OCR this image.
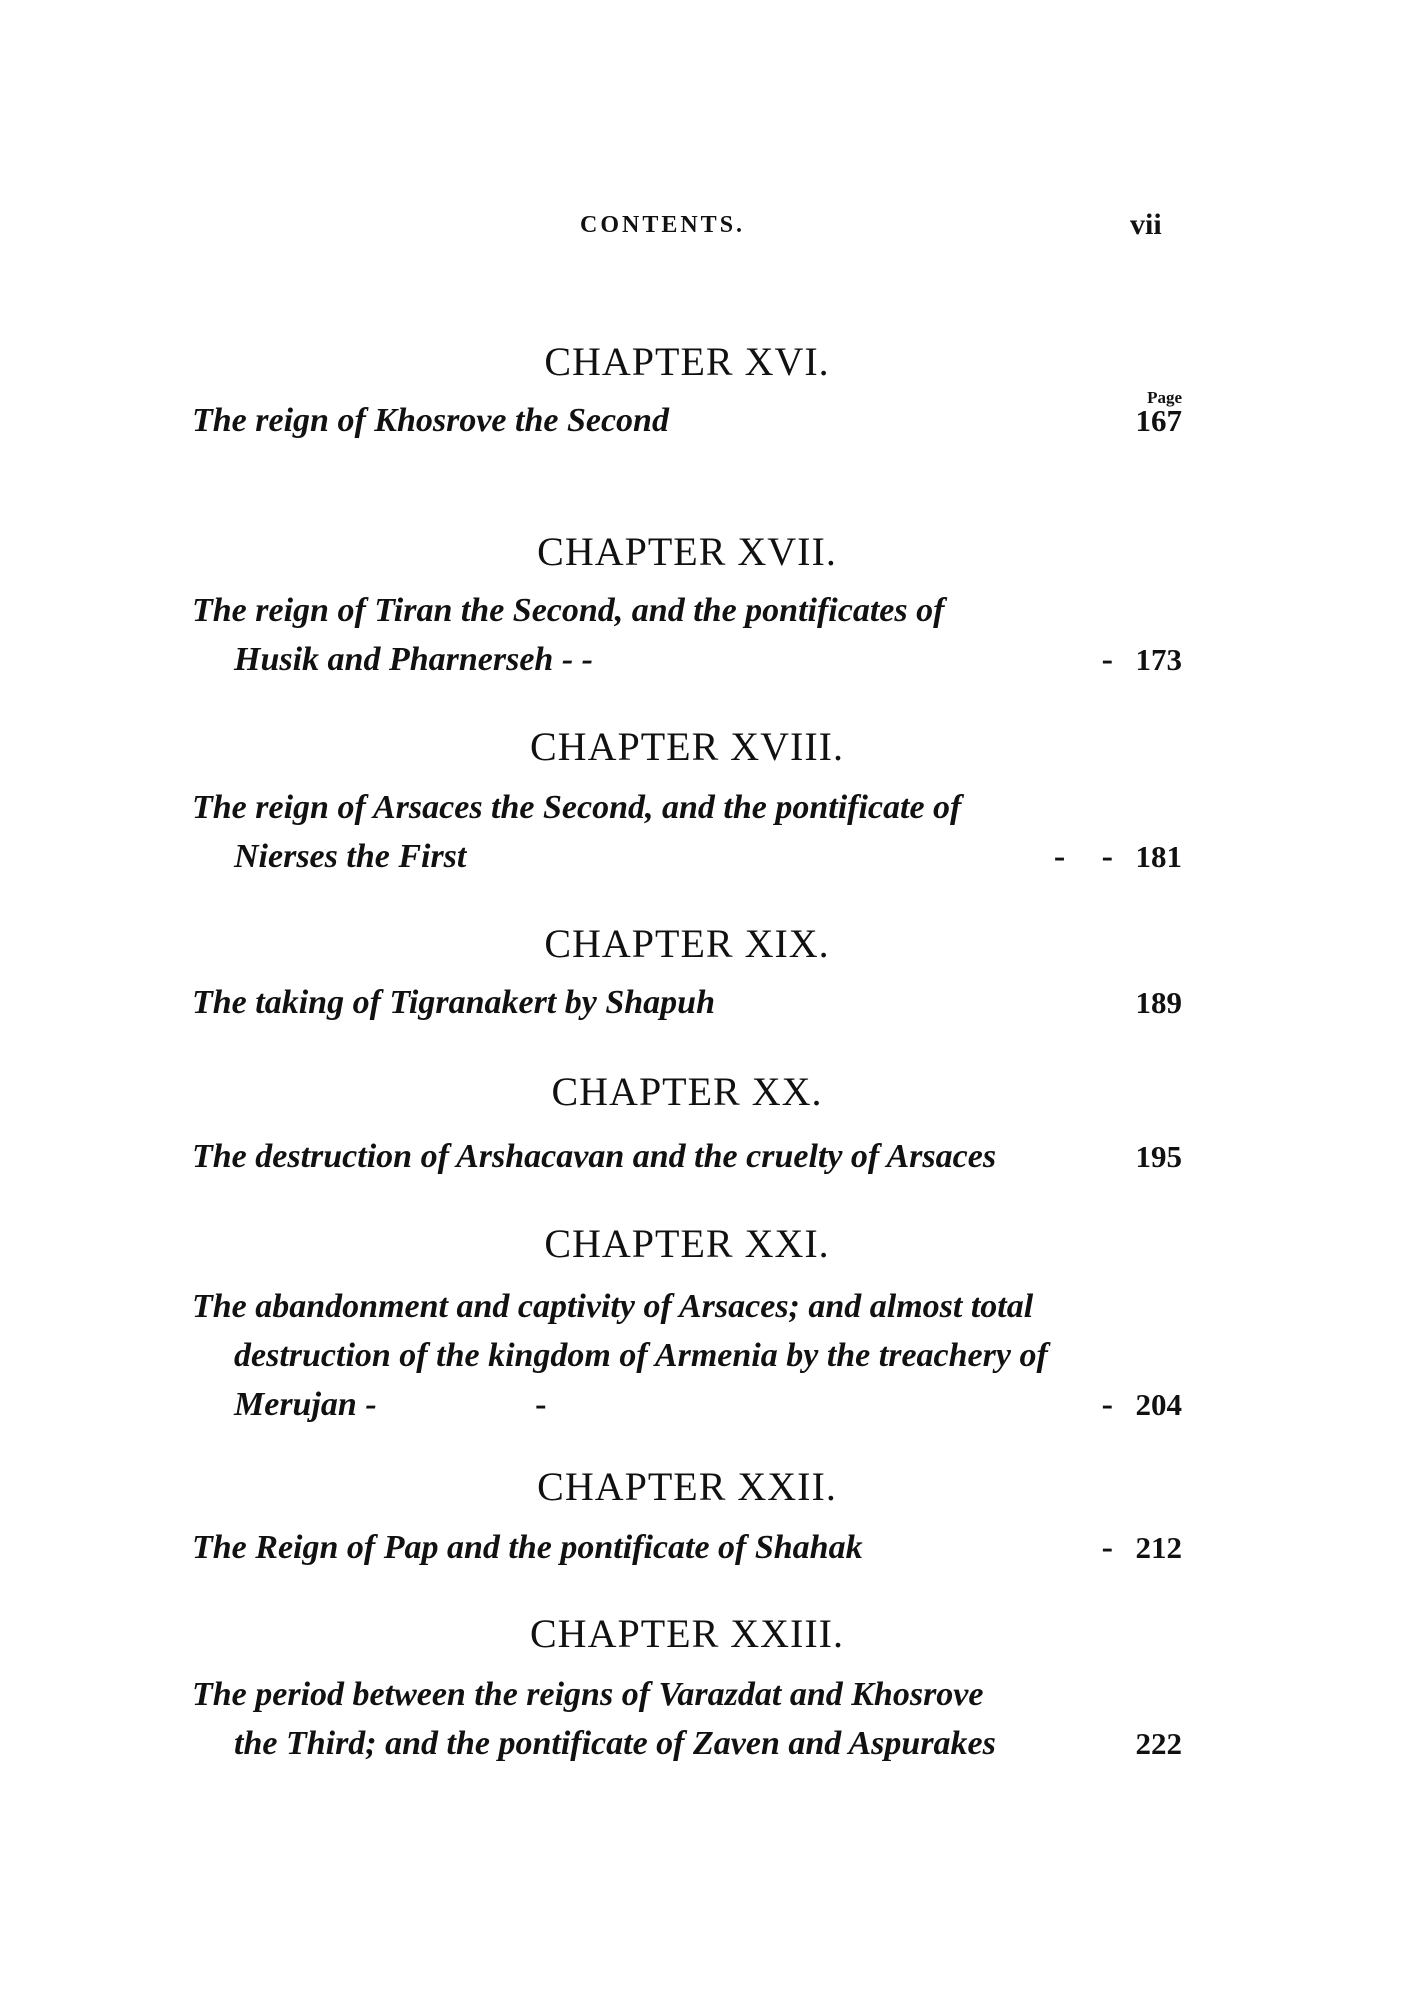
CONTENTS.	vii
CHAPTER XVI.
Page
The reign of Khosrove the Second	167
CHAPTER XVII.
The reign of Tiran the Second, and the pontificates of
Husik and Pharnerseh - -	- 173
CHAPTER XVIII.
The reign of Arsaces the Second, and the pontificate of
Nierses the First	- - 181
CHAPTER XIX.
The taking of Tigranakert by Shapuh	189
CHAPTER XX.
The destruction of Arshacavan and the cruelty of Arsaces	195
CHAPTER XXI.
The abandonment and captivity of Arsaces; and almost total
destruction of the kingdom of Armenia by the treachery of
Merujan -	-	- 204
CHAPTER XXII.
The Reign of Pap and the pontificate of Shahak	- 212
CHAPTER XXIII.
The period between the reigns of Varazdat and Khosrove
the Third; and the pontificate of Zaven and Aspurakes	222
